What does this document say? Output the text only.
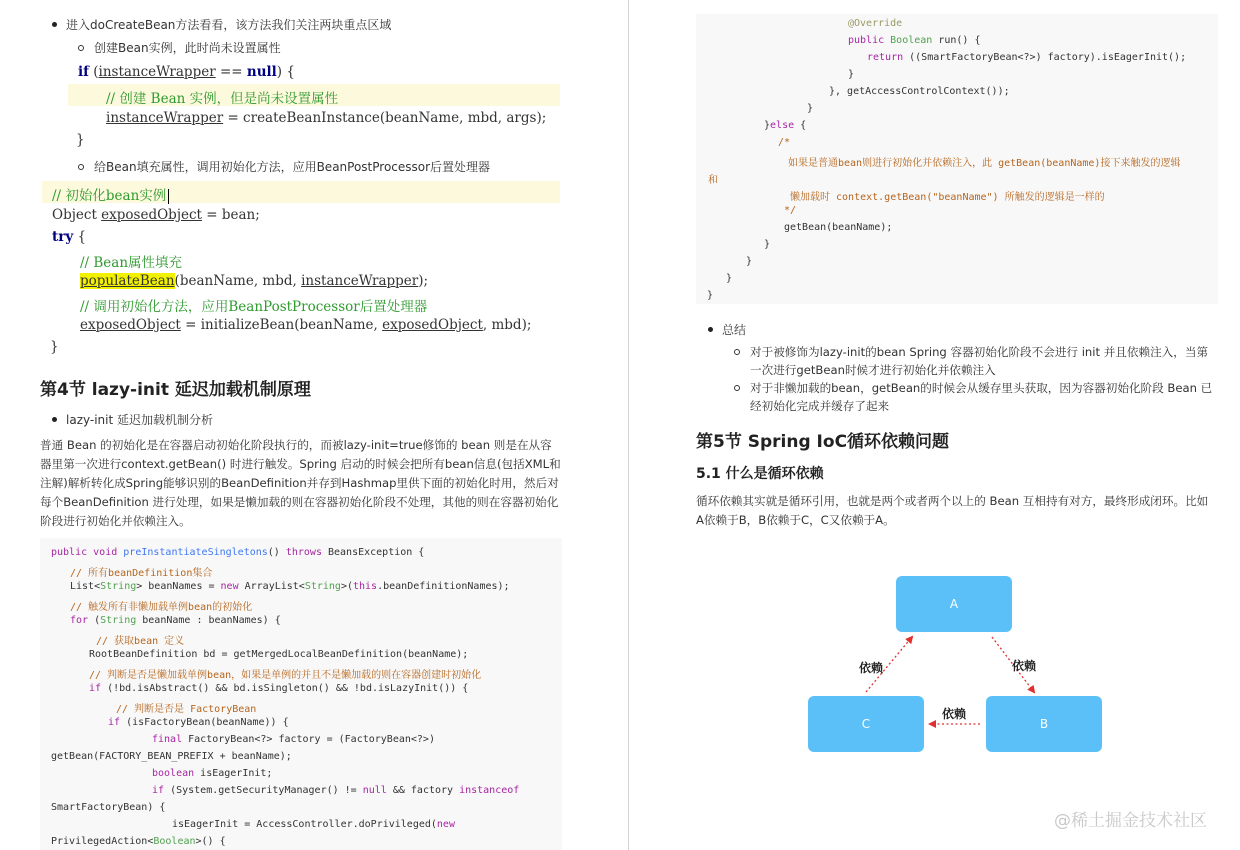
进入doCreateBean方法看看，该方法我们关注两块重点区域
创建Bean实例，此时尚未设置属性
if (instanceWrapper == null) {
// 创建 Bean 实例，但是尚未设置属性
instanceWrapper = createBeanInstance(beanName, mbd, args);
}
给Bean填充属性，调用初始化方法，应用BeanPostProcessor后置处理器
// 初始化bean实例
Object exposedObject = bean;
try {
// Bean属性填充
populateBean(beanName, mbd, instanceWrapper);
// 调用初始化方法，应用BeanPostProcessor后置处理器
exposedObject = initializeBean(beanName, exposedObject, mbd);
}
第4节 lazy-init 延迟加载机制原理
lazy-init 延迟加载机制分析
普通 Bean 的初始化是在容器启动初始化阶段执行的，而被lazy-init=true修饰的 bean 则是在从容器里第一次进行context.getBean() 时进行触发。Spring 启动的时候会把所有bean信息(包括XML和注解)解析转化成Spring能够识别的BeanDefinition并存到Hashmap里供下面的初始化时用，然后对每个BeanDefinition 进行处理，如果是懒加载的则在容器初始化阶段不处理，其他的则在容器初始化阶段进行初始化并依赖注入。
public void preInstantiateSingletons() throws BeansException {
// 所有beanDefinition集合
List<String> beanNames = new ArrayList<String>(this.beanDefinitionNames);
// 触发所有非懒加载单例bean的初始化
for (String beanName : beanNames) {
// 获取bean 定义
RootBeanDefinition bd = getMergedLocalBeanDefinition(beanName);
// 判断是否是懒加载单例bean，如果是单例的并且不是懒加载的则在容器创建时初始化
if (!bd.isAbstract() && bd.isSingleton() && !bd.isLazyInit()) {
// 判断是否是 FactoryBean
if (isFactoryBean(beanName)) {
final FactoryBean<?> factory = (FactoryBean<?>)
getBean(FACTORY_BEAN_PREFIX + beanName);
boolean isEagerInit;
if (System.getSecurityManager() != null && factory instanceof
SmartFactoryBean) {
isEagerInit = AccessController.doPrivileged(new
PrivilegedAction<Boolean>() {
@Override
public Boolean run() {
return ((SmartFactoryBean<?>) factory).isEagerInit();
}
}, getAccessControlContext());
}
}else {
/*
如果是普通bean则进行初始化并依赖注入，此 getBean(beanName)接下来触发的逻辑
和
懒加载时 context.getBean("beanName") 所触发的逻辑是一样的
*/
getBean(beanName);
}
}
}
}
总结
对于被修饰为lazy-init的bean Spring 容器初始化阶段不会进行 init 并且依赖注入，当第一次进行getBean时候才进行初始化并依赖注入
对于非懒加载的bean，getBean的时候会从缓存里头获取，因为容器初始化阶段 Bean 已经初始化完成并缓存了起来
第5节 Spring IoC循环依赖问题
5.1 什么是循环依赖
循环依赖其实就是循环引用，也就是两个或者两个以上的 Bean 互相持有对方，最终形成闭环。比如A依赖于B，B依赖于C，C又依赖于A。
A
C	B
依赖	依赖
依赖
@稀土掘金技术社区
